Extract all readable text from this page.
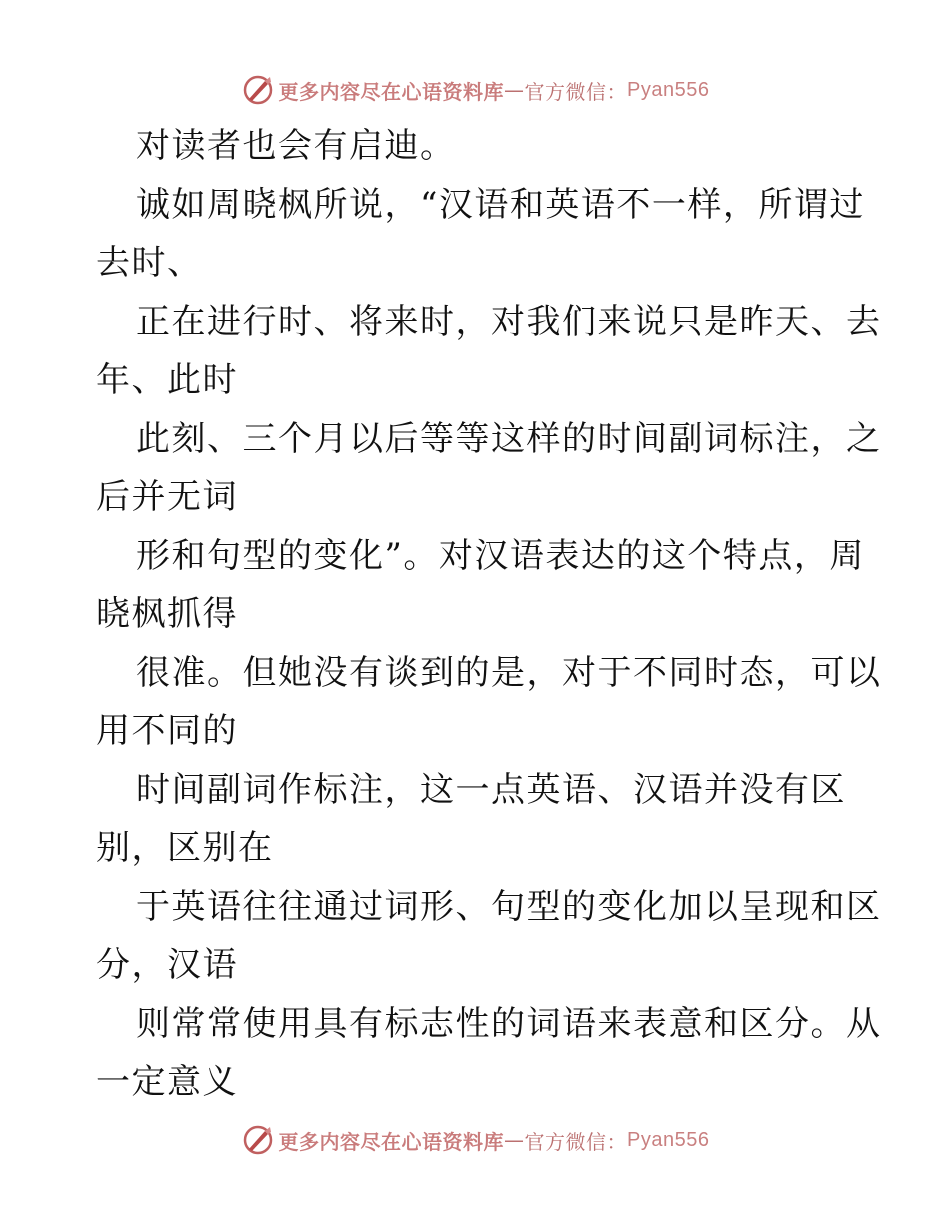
更多内容尽在心语资料库 — 官方微信： Pyan556
对读者也会有启迪。
诚如周晓枫所说，“汉语和英语不一样，所谓过
去时、
正在进行时、将来时，对我们来说只是昨天、去
年、此时
此刻、三个月以后等等这样的时间副词标注，之
后并无词
形和句型的变化”。对汉语表达的这个特点，周
晓枫抓得
很准。但她没有谈到的是，对于不同时态，可以
用不同的
时间副词作标注，这一点英语、汉语并没有区
别，区别在
于英语往往通过词形、句型的变化加以呈现和区
分，汉语
则常常使用具有标志性的词语来表意和区分。从
一定意义
更多内容尽在心语资料库 — 官方微信： Pyan556
